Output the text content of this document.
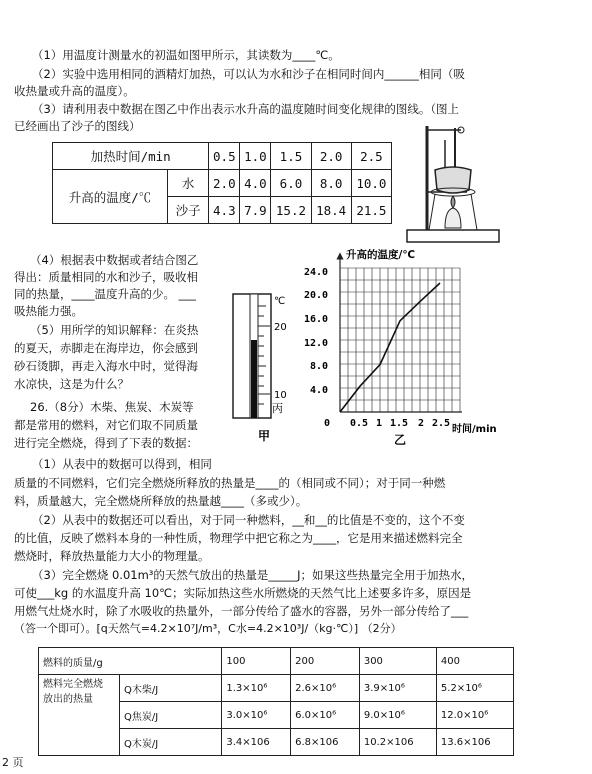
（1）用温度计测量水的初温如图甲所示，其读数为____℃。
（2）实验中选用相同的酒精灯加热，可以认为水和沙子在相同时间内______相同（吸
收热量或升高的温度）。
（3）请利用表中数据在图乙中作出表示水升高的温度随时间变化规律的图线。（图上
已经画出了沙子的图线）
加热时间/min		0.5	1.0	1.5	2.0	2.5
升高的温度/℃	水	2.0	4.0	6.0	8.0	10.0
	沙子	4.3	7.9	15.2	18.4	21.5
（4）根据表中数据或者结合图乙
得出：质量相同的水和沙子，吸收相
同的热量，____温度升高的少。 ___
吸热能力强。
（5）用所学的知识解释：在炎热
的夏天，赤脚走在海岸边，你会感到
砂石烫脚，再走入海水中时，觉得海
水凉快，这是为什么？
26.（8分）木柴、焦炭、木炭等
都是常用的燃料，对它们取不同质量
进行完全燃烧，得到了下表的数据：
℃
20
10
丙
甲
升高的温度/℃
24.0
20.0
16.0
12.0
8.0
4.0
0 0.5 1 1.5 2 2.5
时间/min
乙
（1）从表中的数据可以得到，相同
质量的不同燃料，它们完全燃烧所释放的热量是____的（相同或不同）；对于同一种燃
料，质量越大，完全燃烧所释放的热量越____（多或少）。
（2）从表中的数据还可以看出，对于同一种燃料，__和__的比值是不变的，这个不变
的比值，反映了燃料本身的一种性质，物理学中把它称之为____，它是用来描述燃料完全
燃烧时，释放热量能力大小的物理量。
（3）完全燃烧 0.01m³的天然气放出的热量是_____J；如果这些热量完全用于加热水，
可使___kg 的水温度升高 10℃；实际加热这些水所燃烧的天然气比上述要多许多，原因是
用燃气灶烧水时，除了水吸收的热量外，一部分传给了盛水的容器，另外一部分传给了___
（答一个即可）。[q天然气=4.2×10⁷J/m³，C水=4.2×10³J/（kg·℃）] （2分）
燃料的质量/g		100	200	300	400
燃料完全燃烧
放出的热量	Q木柴/J	1.3×10⁶	2.6×10⁶	3.9×10⁶	5.2×10⁶
	Q焦炭/J	3.0×10⁶	6.0×10⁶	9.0×10⁶	12.0×10⁶
	Q木炭/J	3.4×106	6.8×106	10.2×106	13.6×106
2 页
